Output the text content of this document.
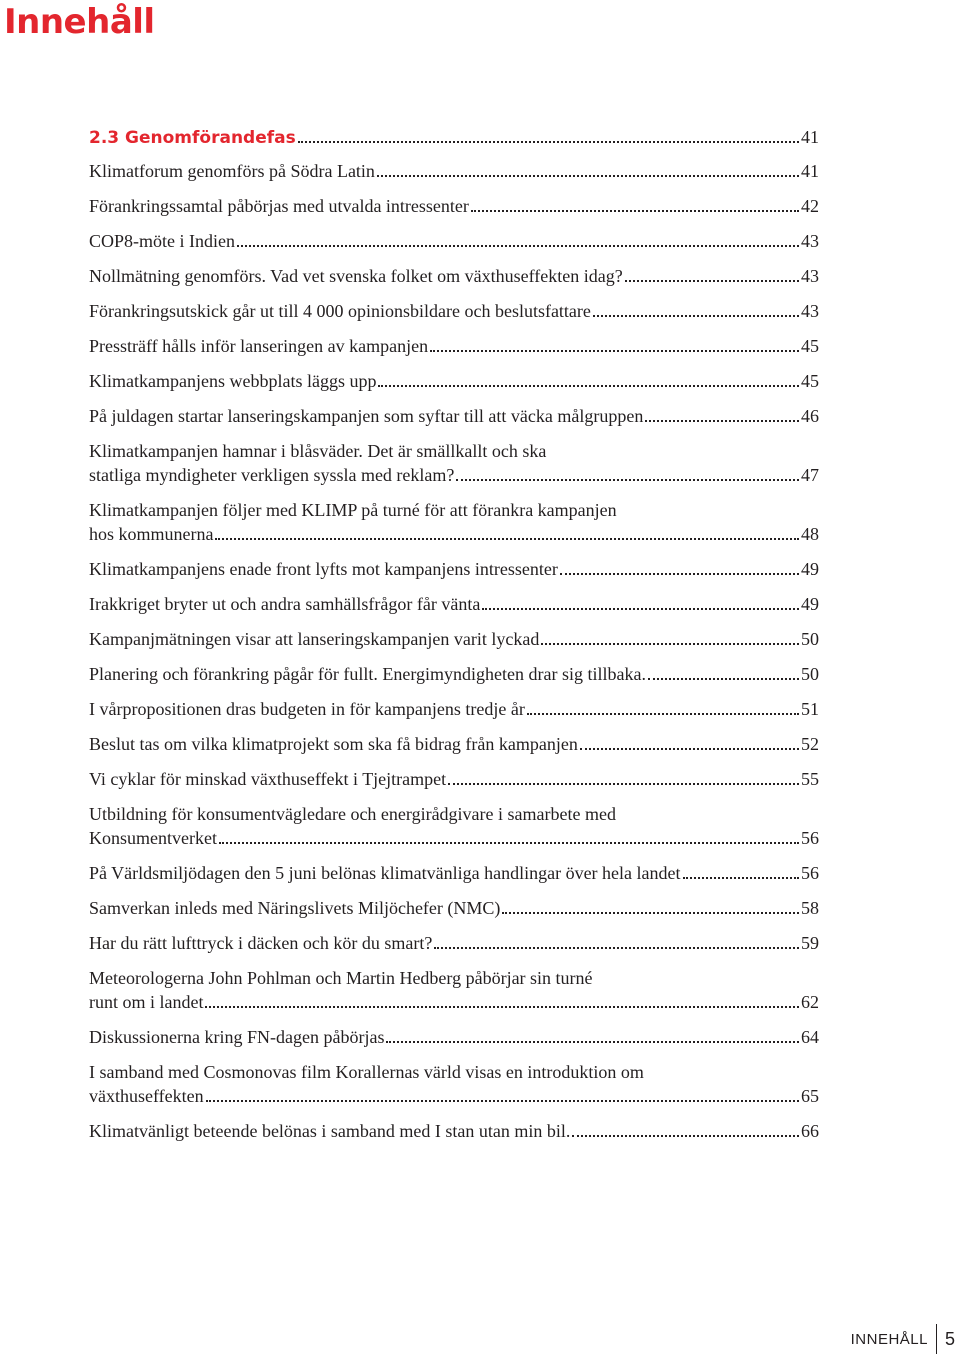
Innehåll
2.3 Genomförandefas	41
Klimatforum genomförs på Södra Latin	41
Förankringssamtal påbörjas med utvalda intressenter	42
COP8-möte i Indien	43
Nollmätning genomförs. Vad vet svenska folket om växthuseffekten idag?	43
Förankringsutskick går ut till 4 000 opinionsbildare och beslutsfattare	43
Pressträff hålls inför lanseringen av kampanjen	45
Klimatkampanjens webbplats läggs upp	45
På juldagen startar lanseringskampanjen som syftar till att väcka målgruppen	46
Klimatkampanjen hamnar i blåsväder. Det är smällkallt och ska
statliga myndigheter verkligen syssla med reklam?	47
Klimatkampanjen följer med KLIMP på turné för att förankra kampanjen
hos kommunerna	48
Klimatkampanjens enade front lyfts mot kampanjens intressenter	49
Irakkriget bryter ut och andra samhällsfrågor får vänta	49
Kampanjmätningen visar att lanseringskampanjen varit lyckad	50
Planering och förankring pågår för fullt. Energimyndigheten drar sig tillbaka.	50
I vårpropositionen dras budgeten in för kampanjens tredje år	51
Beslut tas om vilka klimatprojekt som ska få bidrag från kampanjen	52
Vi cyklar för minskad växthuseffekt i Tjejtrampet	55
Utbildning för konsumentvägledare och energirådgivare i samarbete med
Konsumentverket	56
På Världsmiljödagen den 5 juni belönas klimatvänliga handlingar över hela landet	56
Samverkan inleds med Näringslivets Miljöchefer (NMC)	58
Har du rätt lufttryck i däcken och kör du smart?	59
Meteorologerna John Pohlman och Martin Hedberg påbörjar sin turné
runt om i landet	62
Diskussionerna kring FN-dagen påbörjas	64
I samband med Cosmonovas film Korallernas värld visas en introduktion om
växthuseffekten	65
Klimatvänligt beteende belönas i samband med I stan utan min bil.	66
INNEHÅLL 5
